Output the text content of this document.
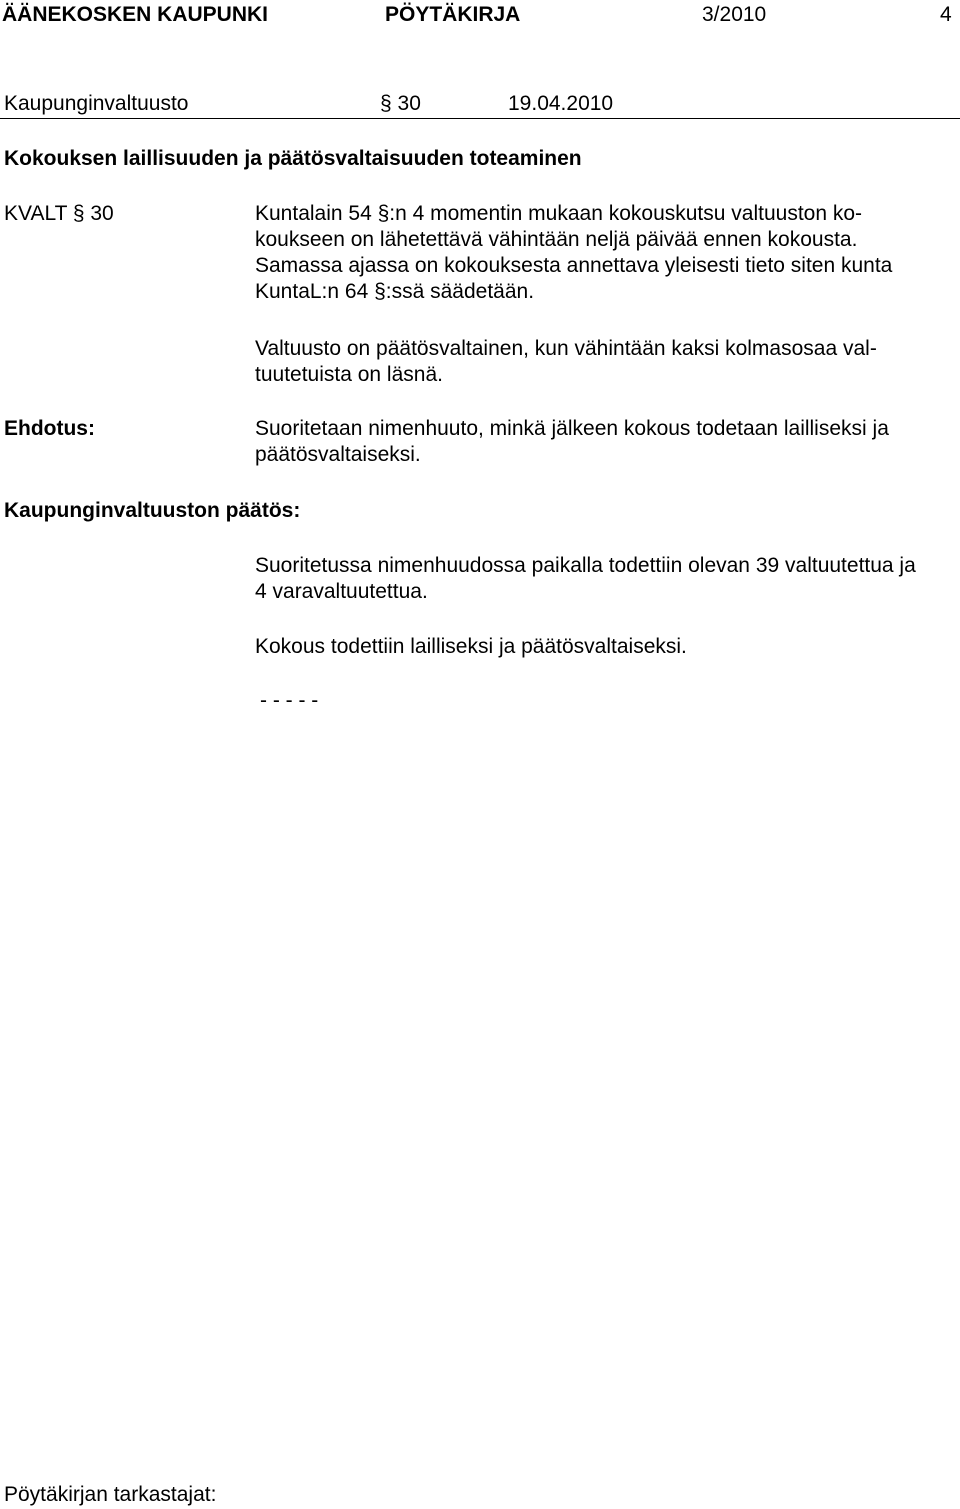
ÄÄNEKOSKEN KAUPUNKI	PÖYTÄKIRJA	3/2010	4
Kaupunginvaltuusto	§ 30	19.04.2010
Kokouksen laillisuuden ja päätösvaltaisuuden toteaminen
KVALT § 30	Kuntalain 54 §:n 4 momentin mukaan kokouskutsu valtuuston ko-
koukseen on lähetettävä vähintään neljä päivää ennen kokousta.
Samassa ajassa on kokouksesta annettava yleisesti tieto siten kunta
KuntaL:n 64 §:ssä säädetään.
Valtuusto on päätösvaltainen, kun vähintään kaksi kolmasosaa val-
tuutetuista on läsnä.
Ehdotus:	Suoritetaan nimenhuuto, minkä jälkeen kokous todetaan lailliseksi ja
päätösvaltaiseksi.
Kaupunginvaltuuston päätös:
Suoritetussa nimenhuudossa paikalla todettiin olevan 39 valtuutettua ja
4 varavaltuutettua.
Kokous todettiin lailliseksi ja päätösvaltaiseksi.
- - - - -
Pöytäkirjan tarkastajat:
